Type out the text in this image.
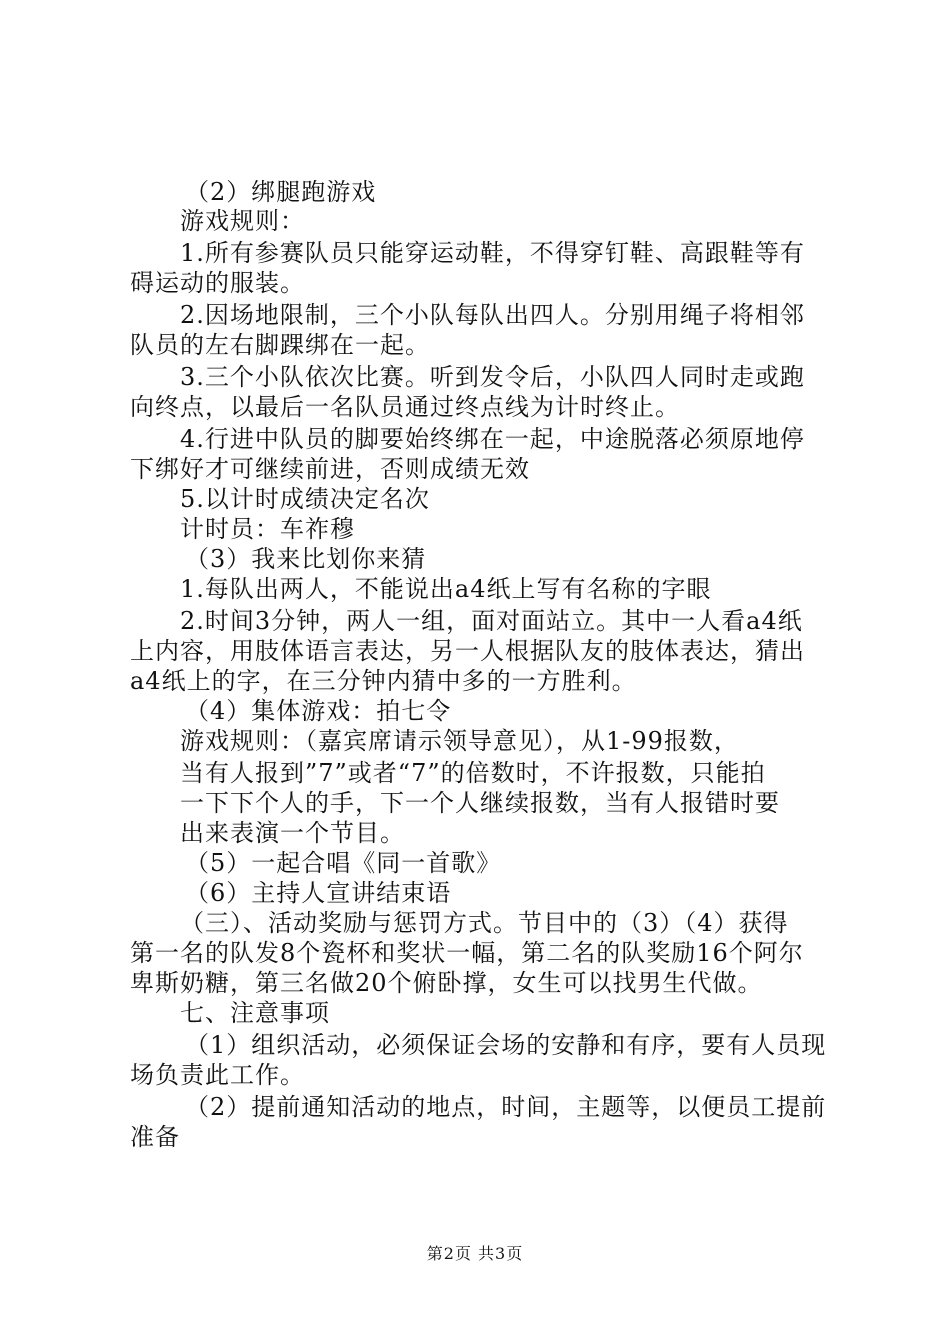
（2）绑腿跑游戏
游戏规则：
1.所有参赛队员只能穿运动鞋，不得穿钉鞋、高跟鞋等有
碍运动的服装。
2.因场地限制，三个小队每队出四人。分别用绳子将相邻
队员的左右脚踝绑在一起。
3.三个小队依次比赛。听到发令后，小队四人同时走或跑
向终点，以最后一名队员通过终点线为计时终止。
4.行进中队员的脚要始终绑在一起，中途脱落必须原地停
下绑好才可继续前进，否则成绩无效
5.以计时成绩决定名次
计时员：车祚穆
（3）我来比划你来猜
1.每队出两人，不能说出a4纸上写有名称的字眼
2.时间3分钟，两人一组，面对面站立。其中一人看a4纸
上内容，用肢体语言表达，另一人根据队友的肢体表达，猜出
a4纸上的字，在三分钟内猜中多的一方胜利。
（4）集体游戏：拍七令
游戏规则：（嘉宾席请示领导意见），从1-99报数，
当有人报到”7”或者“7”的倍数时，不许报数，只能拍
一下下个人的手，下一个人继续报数，当有人报错时要
出来表演一个节目。
（5）一起合唱《同一首歌》
（6）主持人宣讲结束语
（三）、活动奖励与惩罚方式。节目中的（3）（4）获得
第一名的队发8个瓷杯和奖状一幅，第二名的队奖励16个阿尔
卑斯奶糖，第三名做20个俯卧撑，女生可以找男生代做。
七、注意事项
（1）组织活动，必须保证会场的安静和有序，要有人员现
场负责此工作。
（2）提前通知活动的地点，时间，主题等，以便员工提前
准备
第2页 共3页
